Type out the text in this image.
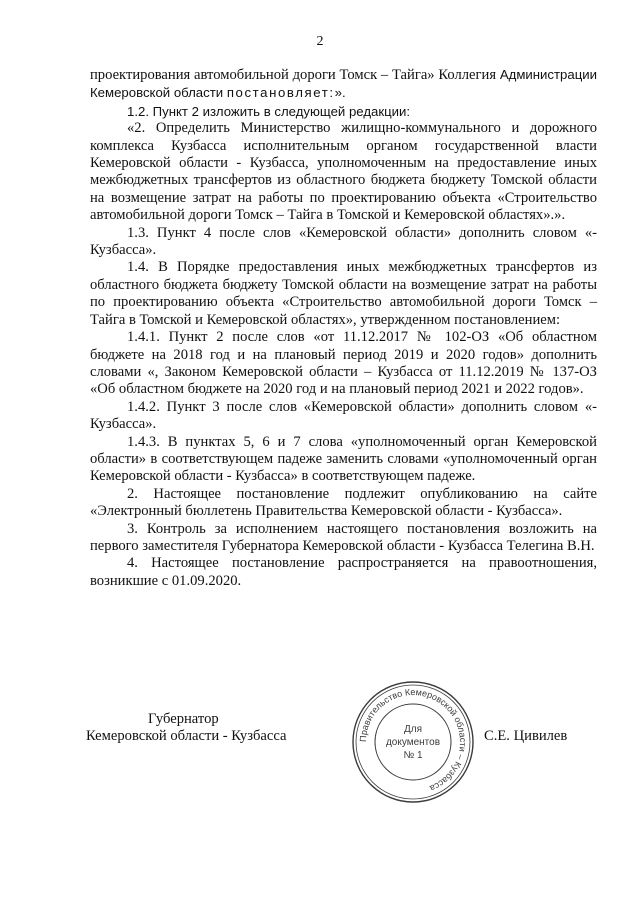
2

проектирования автомобильной дороги Томск – Тайга» Коллегия Администрации Кемеровской области постановляет:».

1.2. Пункт 2 изложить в следующей редакции:

«2. Определить Министерство жилищно-коммунального и дорожного комплекса Кузбасса исполнительным органом государственной власти Кемеровской области - Кузбасса, уполномоченным на предоставление иных межбюджетных трансфертов из областного бюджета бюджету Томской области на возмещение затрат на работы по проектированию объекта «Строительство автомобильной дороги Томск – Тайга в Томской и Кемеровской областях».».

1.3. Пункт 4 после слов «Кемеровской области» дополнить словом «- Кузбасса».

1.4. В Порядке предоставления иных межбюджетных трансфертов из областного бюджета бюджету Томской области на возмещение затрат на работы по проектированию объекта «Строительство автомобильной дороги Томск – Тайга в Томской и Кемеровской областях», утвержденном постановлением:

1.4.1. Пункт 2 после слов «от 11.12.2017 № 102-ОЗ «Об областном бюджете на 2018 год и на плановый период 2019 и 2020 годов» дополнить словами «, Законом Кемеровской области – Кузбасса от 11.12.2019 № 137-ОЗ «Об областном бюджете на 2020 год и на плановый период 2021 и 2022 годов».

1.4.2. Пункт 3 после слов «Кемеровской области» дополнить словом «- Кузбасса».

1.4.3. В пунктах 5, 6 и 7 слова «уполномоченный орган Кемеровской области» в соответствующем падеже заменить словами «уполномоченный орган Кемеровской области - Кузбасса» в соответствующем падеже.

2. Настоящее постановление подлежит опубликованию на сайте «Электронный бюллетень Правительства Кемеровской области - Кузбасса».

3. Контроль за исполнением настоящего постановления возложить на первого заместителя Губернатора Кемеровской области - Кузбасса Телегина В.Н.

4. Настоящее постановление распространяется на правоотношения, возникшие с 01.09.2020.

Губернатор
Кемеровской области - Кузбасса	Правительство Кемеровской области – Кузбасса
Для
документов
№ 1
С.Е. Цивилев
